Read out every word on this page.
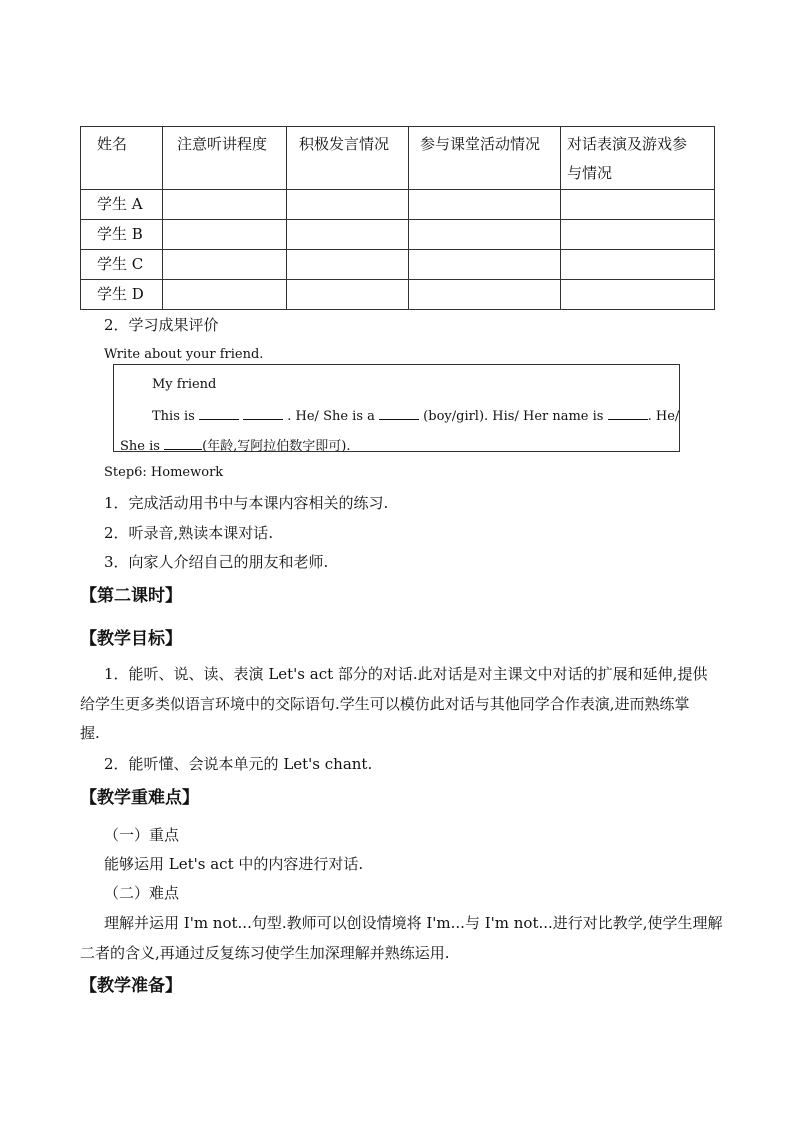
姓名	注意听讲程度	积极发言情况	参与课堂活动情况	对话表演及游戏参
与情况
学生 A				
学生 B				
学生 C				
学生 D				
2．学习成果评价
Write about your friend.
My friend
This is	. He/ She is a	(boy/girl). His/ Her name is	. He/
She is	(年龄,写阿拉伯数字即可).
Step6: Homework
1．完成活动用书中与本课内容相关的练习.
2．听录音,熟读本课对话.
3．向家人介绍自己的朋友和老师.
【第二课时】
【教学目标】
1．能听、说、读、表演 Let's act 部分的对话.此对话是对主课文中对话的扩展和延伸,提供
给学生更多类似语言环境中的交际语句.学生可以模仿此对话与其他同学合作表演,进而熟练掌
握.
2．能听懂、会说本单元的 Let's chant.
【教学重难点】
（一）重点
能够运用 Let's act 中的内容进行对话.
（二）难点
理解并运用 I'm not...句型.教师可以创设情境将 I'm...与 I'm not...进行对比教学,使学生理解
二者的含义,再通过反复练习使学生加深理解并熟练运用.
【教学准备】
